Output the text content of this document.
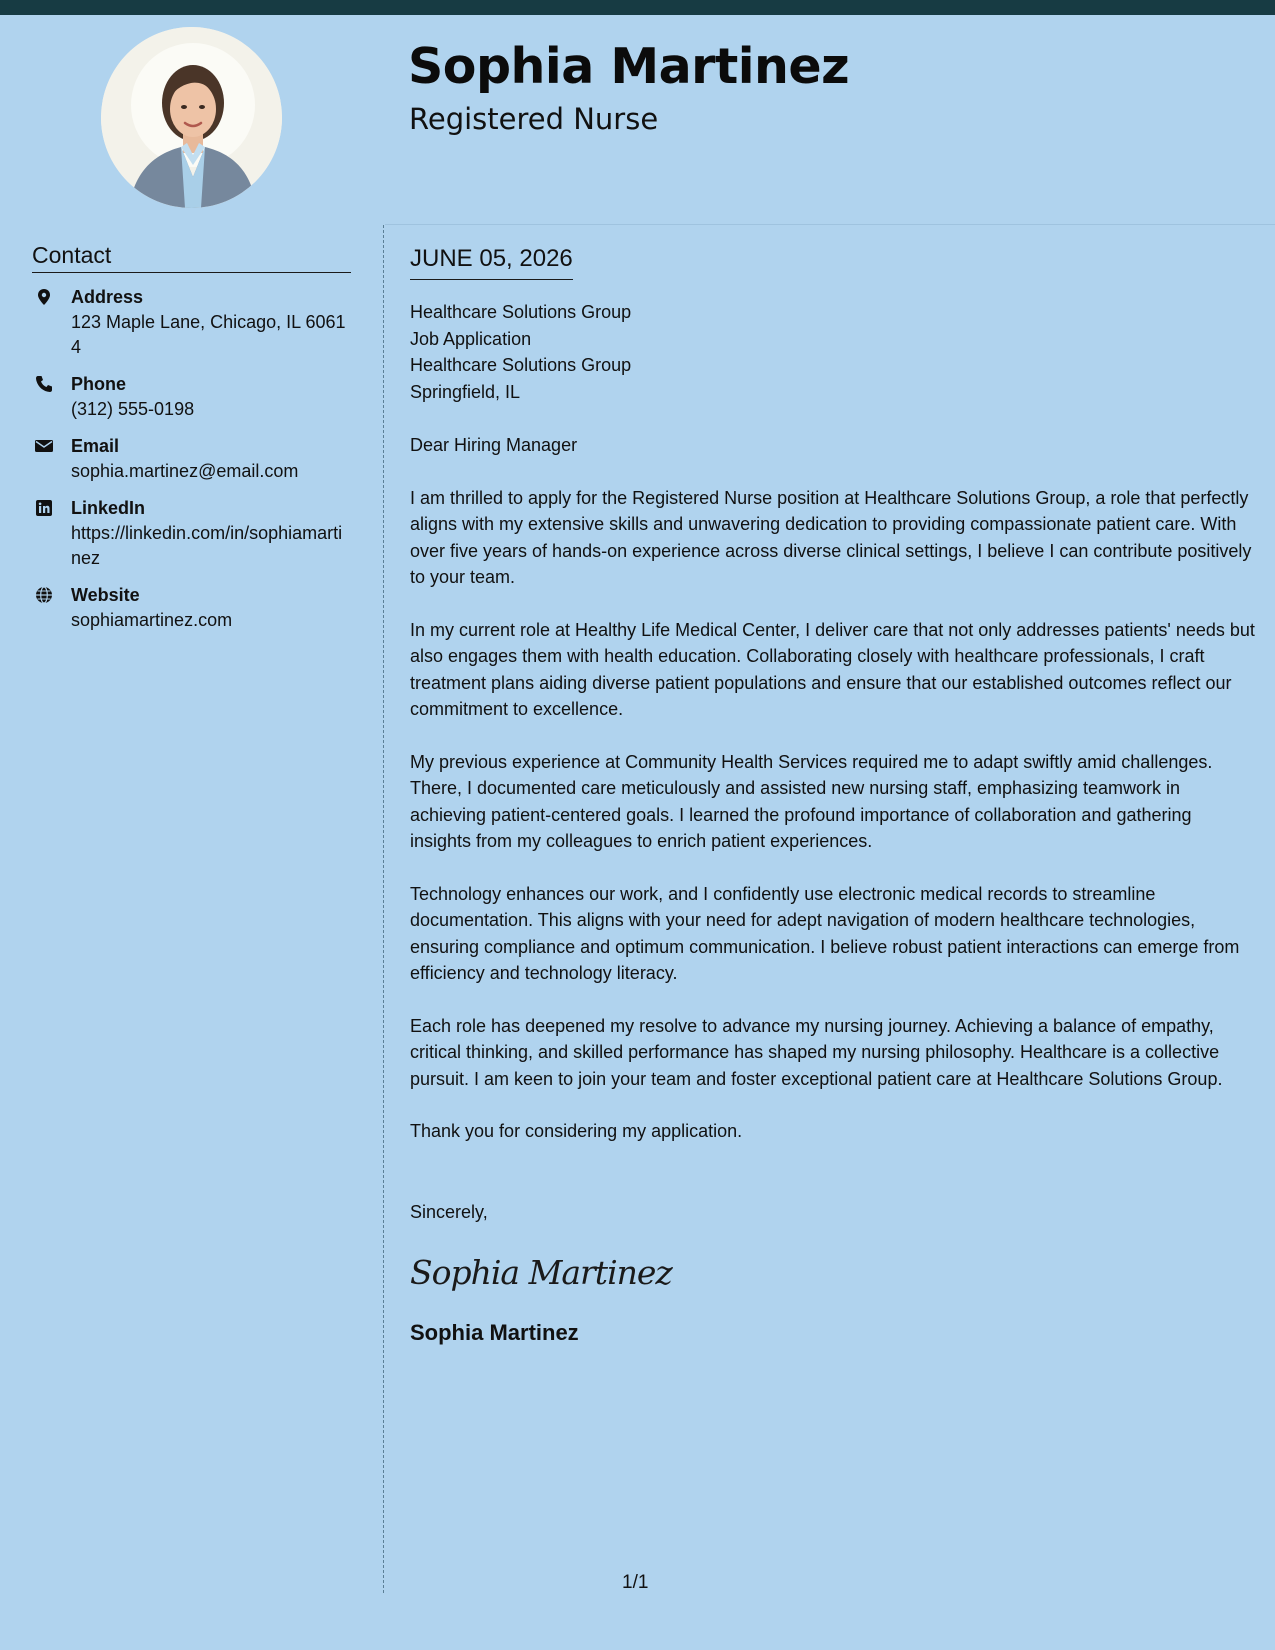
Sophia Martinez
Registered Nurse
Contact
Address
123 Maple Lane, Chicago, IL 60614
Phone
(312) 555-0198
Email
sophia.martinez@email.com
LinkedIn
https://linkedin.com/in/sophiamartinez
Website
sophiamartinez.com
JUNE 05, 2026
Healthcare Solutions Group
Job Application
Healthcare Solutions Group
Springfield, IL
Dear Hiring Manager
I am thrilled to apply for the Registered Nurse position at Healthcare Solutions Group, a role that perfectly aligns with my extensive skills and unwavering dedication to providing compassionate patient care. With over five years of hands-on experience across diverse clinical settings, I believe I can contribute positively to your team.
In my current role at Healthy Life Medical Center, I deliver care that not only addresses patients' needs but also engages them with health education. Collaborating closely with healthcare professionals, I craft treatment plans aiding diverse patient populations and ensure that our established outcomes reflect our commitment to excellence.
My previous experience at Community Health Services required me to adapt swiftly amid challenges. There, I documented care meticulously and assisted new nursing staff, emphasizing teamwork in achieving patient-centered goals. I learned the profound importance of collaboration and gathering insights from my colleagues to enrich patient experiences.
Technology enhances our work, and I confidently use electronic medical records to streamline documentation. This aligns with your need for adept navigation of modern healthcare technologies, ensuring compliance and optimum communication. I believe robust patient interactions can emerge from efficiency and technology literacy.
Each role has deepened my resolve to advance my nursing journey. Achieving a balance of empathy, critical thinking, and skilled performance has shaped my nursing philosophy. Healthcare is a collective pursuit. I am keen to join your team and foster exceptional patient care at Healthcare Solutions Group.
Thank you for considering my application.
Sincerely,
Sophia Martinez
Sophia Martinez
1/1
